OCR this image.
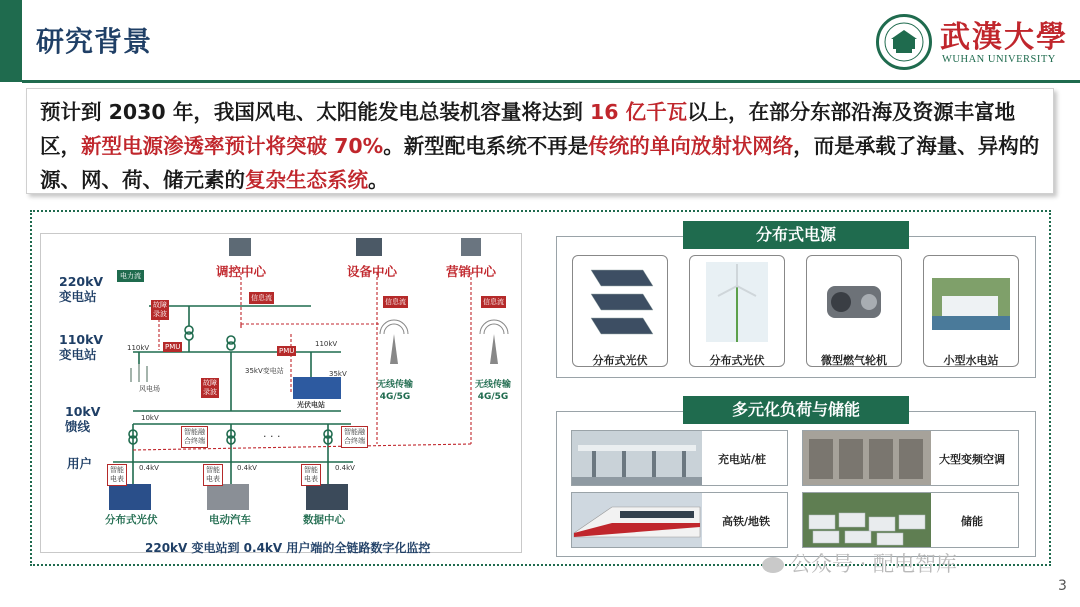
研究背景	武漢大學
WUHAN UNIVERSITY
预计到 2030 年，我国风电、太阳能发电总装机容量将达到 16 亿千瓦以上，在部分东部沿海及资源丰富地区，新型电源渗透率预计将突破 70%。新型配电系统不再是传统的单向放射状网络，而是承载了海量、异构的源、网、荷、储元素的复杂生态系统。
220kV
变电站
110kV
变电站
10kV
馈线
用户
调控中心	设备中心	营销中心
电力流
信息流	信息流	信息流
故障
录波
故障
录波
PMU	PMU
智能融
合终端
智能融
合终端
智能
电表
智能
电表
智能
电表
110kV	110kV
35kV变电站	35kV
10kV
0.4kV	0.4kV	0.4kV
风电场
光伏电站
· · ·
无线传输
4G/5G
无线传输
4G/5G
分布式光伏	电动汽车	数据中心
220kV 变电站到 0.4kV 用户端的全链路数字化监控
分布式电源
分布式光伏	分布式光伏	微型燃气轮机	小型水电站
多元化负荷与储能
充电站/桩	大型变频空调
高铁/地铁	储能
公众号 · 配电智库
3
